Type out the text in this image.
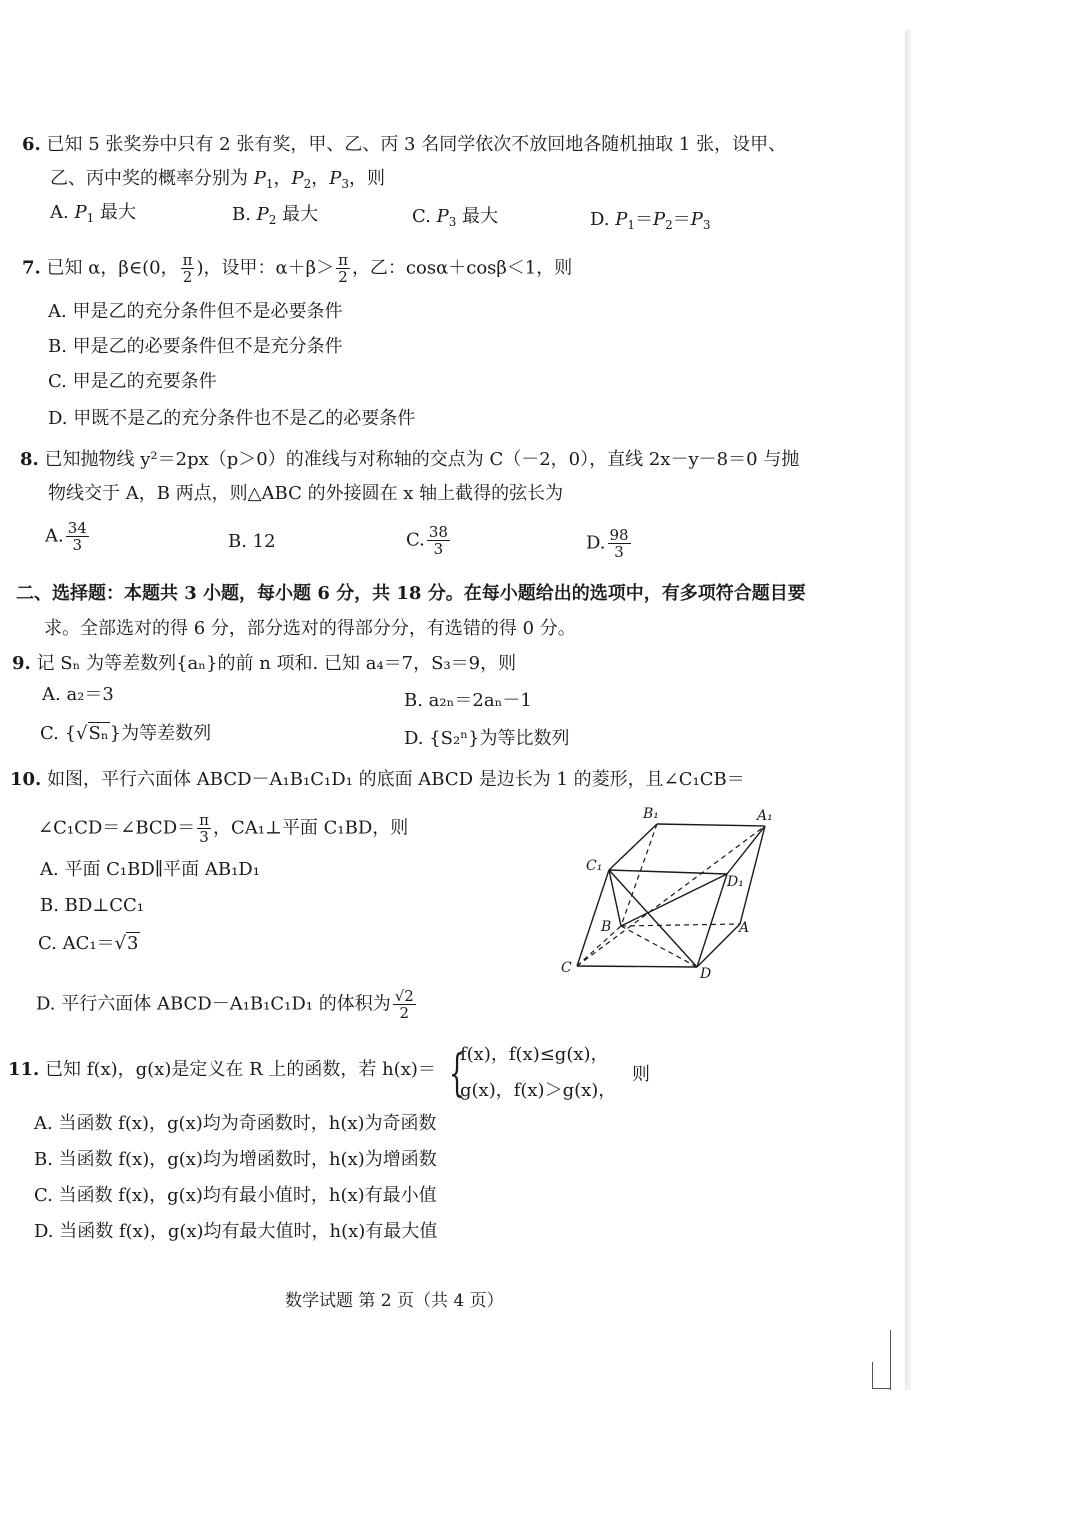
6. 已知 5 张奖券中只有 2 张有奖，甲、乙、丙 3 名同学依次不放回地各随机抽取 1 张，设甲、
乙、丙中奖的概率分别为 $P_1$，$P_2$，$P_3$，则
A. $P_1$ 最大	B. $P_2$ 最大	C. $P_3$ 最大	D. $P_1=P_2=P_3$
7. 已知 α，β∈(0， $\frac{\pi}{2}$ )，设甲：$\alpha+\beta> \frac{\pi}{2}$ ，乙：cosα＋cosβ＜1，则
A. 甲是乙的充分条件但不是必要条件
B. 甲是乙的必要条件但不是充分条件
C. 甲是乙的充要条件
D. 甲既不是乙的充分条件也不是乙的必要条件
8. 已知抛物线 y²＝2px（p＞0）的准线与对称轴的交点为 C（－2，0），直线 2x－y－8＝0 与抛
物线交于 A，B 两点，则△ABC 的外接圆在 x 轴上截得的弦长为
A. $\frac{34}{3}$	B. 12	C. $\frac{38}{3}$	D. $\frac{98}{3}$
二、选择题：本题共 3 小题，每小题 6 分，共 18 分。在每小题给出的选项中，有多项符合题目要
求。全部选对的得 6 分，部分选对的得部分分，有选错的得 0 分。
9. 记 Sₙ 为等差数列{aₙ}的前 n 项和. 已知 a₄＝7，S₃＝9，则
A. a₂＝3	B. a₂ₙ＝2aₙ－1
C. {√Sₙ}为等差数列	D. {S₂ⁿ}为等比数列
10. 如图，平行六面体 ABCD－A₁B₁C₁D₁ 的底面 ABCD 是边长为 1 的菱形，且∠C₁CB＝
∠C₁CD＝∠BCD＝ $\frac{\pi}{3}$ ，CA₁⊥平面 C₁BD，则
A. 平面 C₁BD∥平面 AB₁D₁
B. BD⊥CC₁
C. AC₁＝√3
D. 平行六面体 ABCD－A₁B₁C₁D₁ 的体积为 $\frac{√2}{2}$
B₁	A₁
C₁
D₁
B	A
C	D
11. 已知 f(x)，g(x)是定义在 R 上的函数，若 h(x)＝ {
f(x)，f(x)≤g(x)，
g(x)，f(x)＞g(x)，
则
A. 当函数 f(x)，g(x)均为奇函数时，h(x)为奇函数
B. 当函数 f(x)，g(x)均为增函数时，h(x)为增函数
C. 当函数 f(x)，g(x)均有最小值时，h(x)有最小值
D. 当函数 f(x)，g(x)均有最大值时，h(x)有最大值
数学试题 第 2 页（共 4 页）
